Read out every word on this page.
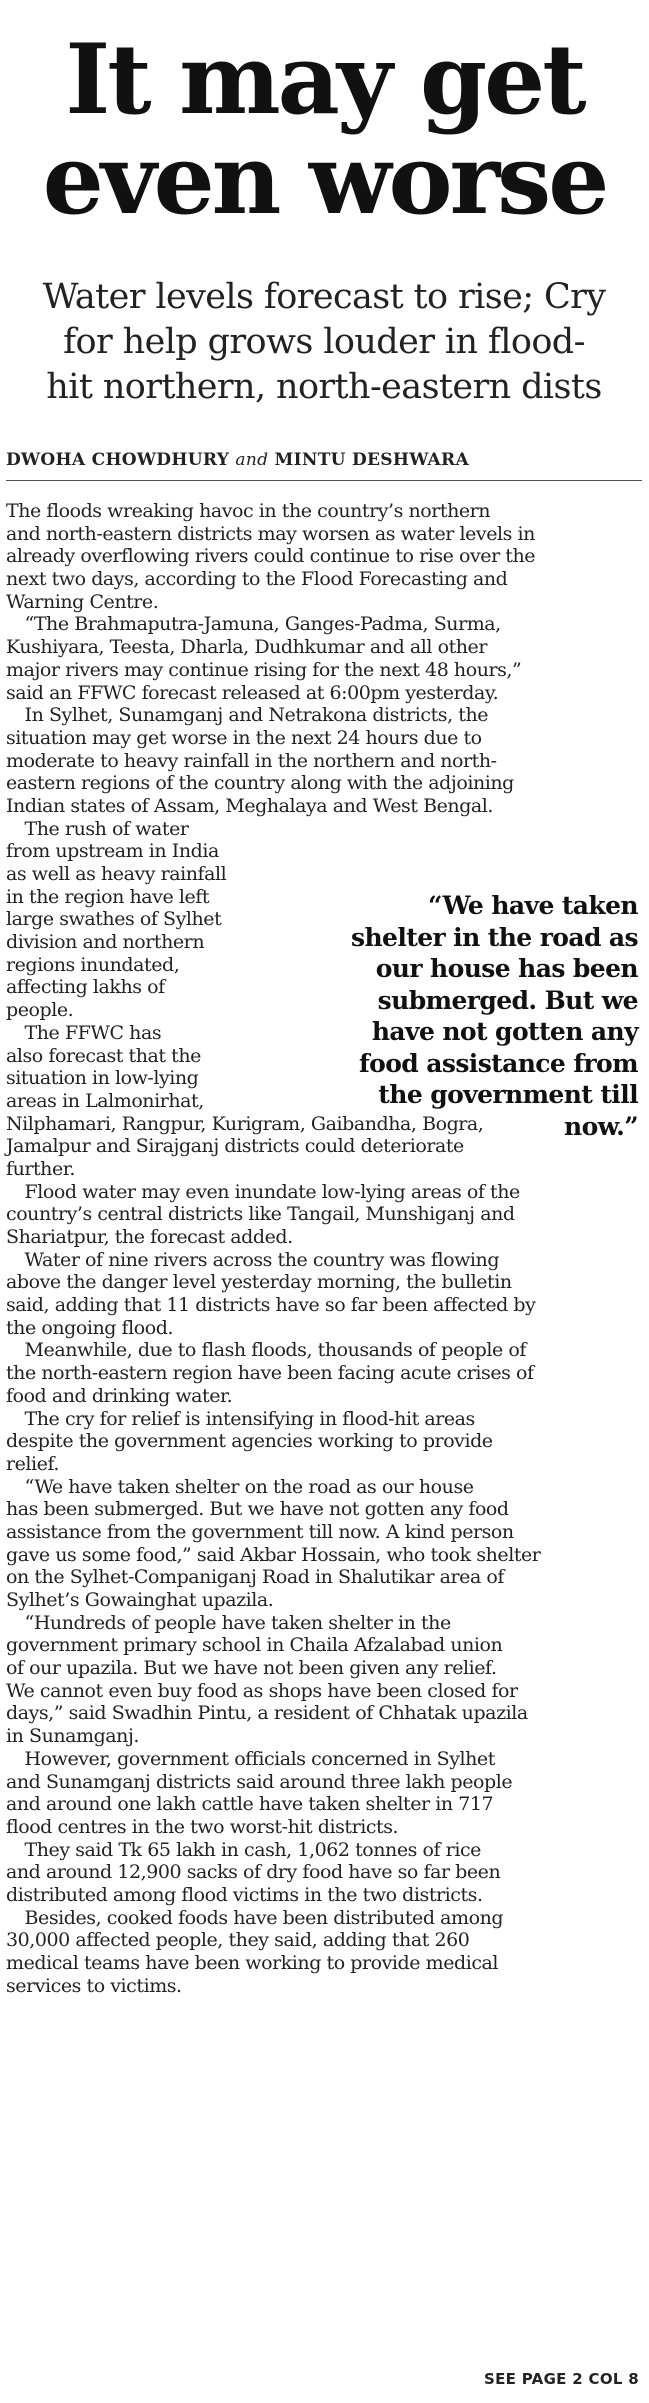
It may get
even worse
Water levels forecast to rise; Cry
for help grows louder in flood-
hit northern, north-eastern dists
DWOHA CHOWDHURY and MINTU DESHWARA
The floods wreaking havoc in the country’s northern
and north-eastern districts may worsen as water levels in
already overflowing rivers could continue to rise over the
next two days, according to the Flood Forecasting and
Warning Centre.
 “The Brahmaputra-Jamuna, Ganges-Padma, Surma,
Kushiyara, Teesta, Dharla, Dudhkumar and all other
major rivers may continue rising for the next 48 hours,”
said an FFWC forecast released at 6:00pm yesterday.
 In Sylhet, Sunamganj and Netrakona districts, the
situation may get worse in the next 24 hours due to
moderate to heavy rainfall in the northern and north-
eastern regions of the country along with the adjoining
Indian states of Assam, Meghalaya and West Bengal.
 The rush of water
from upstream in India
as well as heavy rainfall
in the region have left
large swathes of Sylhet
division and northern
regions inundated,
affecting lakhs of
people.
 The FFWC has
also forecast that the
situation in low-lying
areas in Lalmonirhat,
Nilphamari, Rangpur, Kurigram, Gaibandha, Bogra,
Jamalpur and Sirajganj districts could deteriorate
further.
 Flood water may even inundate low-lying areas of the
country’s central districts like Tangail, Munshiganj and
Shariatpur, the forecast added.
 Water of nine rivers across the country was flowing
above the danger level yesterday morning, the bulletin
said, adding that 11 districts have so far been affected by
the ongoing flood.
 Meanwhile, due to flash floods, thousands of people of
the north-eastern region have been facing acute crises of
food and drinking water.
 The cry for relief is intensifying in flood-hit areas
despite the government agencies working to provide
relief.
 “We have taken shelter on the road as our house
has been submerged. But we have not gotten any food
assistance from the government till now. A kind person
gave us some food,” said Akbar Hossain, who took shelter
on the Sylhet-Companiganj Road in Shalutikar area of
Sylhet’s Gowainghat upazila.
 “Hundreds of people have taken shelter in the
government primary school in Chaila Afzalabad union
of our upazila. But we have not been given any relief.
We cannot even buy food as shops have been closed for
days,” said Swadhin Pintu, a resident of Chhatak upazila
in Sunamganj.
 However, government officials concerned in Sylhet
and Sunamganj districts said around three lakh people
and around one lakh cattle have taken shelter in 717
flood centres in the two worst-hit districts.
 They said Tk 65 lakh in cash, 1,062 tonnes of rice
and around 12,900 sacks of dry food have so far been
distributed among flood victims in the two districts.
 Besides, cooked foods have been distributed among
30,000 affected people, they said, adding that 260
medical teams have been working to provide medical
services to victims.
“We have taken
shelter in the road as
our house has been
submerged. But we
have not gotten any
food assistance from
the government till
now.”
SEE PAGE 2 COL 8
